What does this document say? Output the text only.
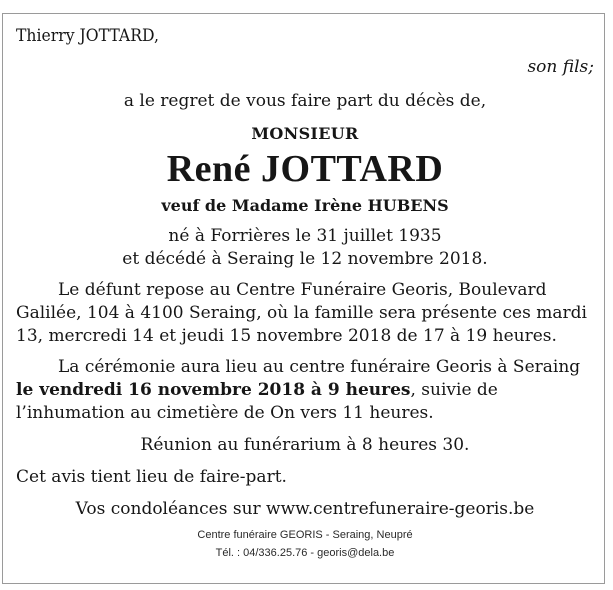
Thierry JOTTARD,

son fils;

a le regret de vous faire part du décès de,

MONSIEUR

René JOTTARD

veuf de Madame Irène HUBENS

né à Forrières le 31 juillet 1935
et décédé à Seraing le 12 novembre 2018.

Le défunt repose au Centre Funéraire Georis, Boulevard Galilée, 104 à 4100 Seraing, où la famille sera présente ces mardi 13, mercredi 14 et jeudi 15 novembre 2018 de 17 à 19 heures.

La cérémonie aura lieu au centre funéraire Georis à Seraing le vendredi 16 novembre 2018 à 9 heures, suivie de l’inhumation au cimetière de On vers 11 heures.

Réunion au funérarium à 8 heures 30.

Cet avis tient lieu de faire-part.

Vos condoléances sur www.centrefuneraire-georis.be

Centre funéraire GEORIS - Seraing, Neupré
Tél. : 04/336.25.76 - georis@dela.be
